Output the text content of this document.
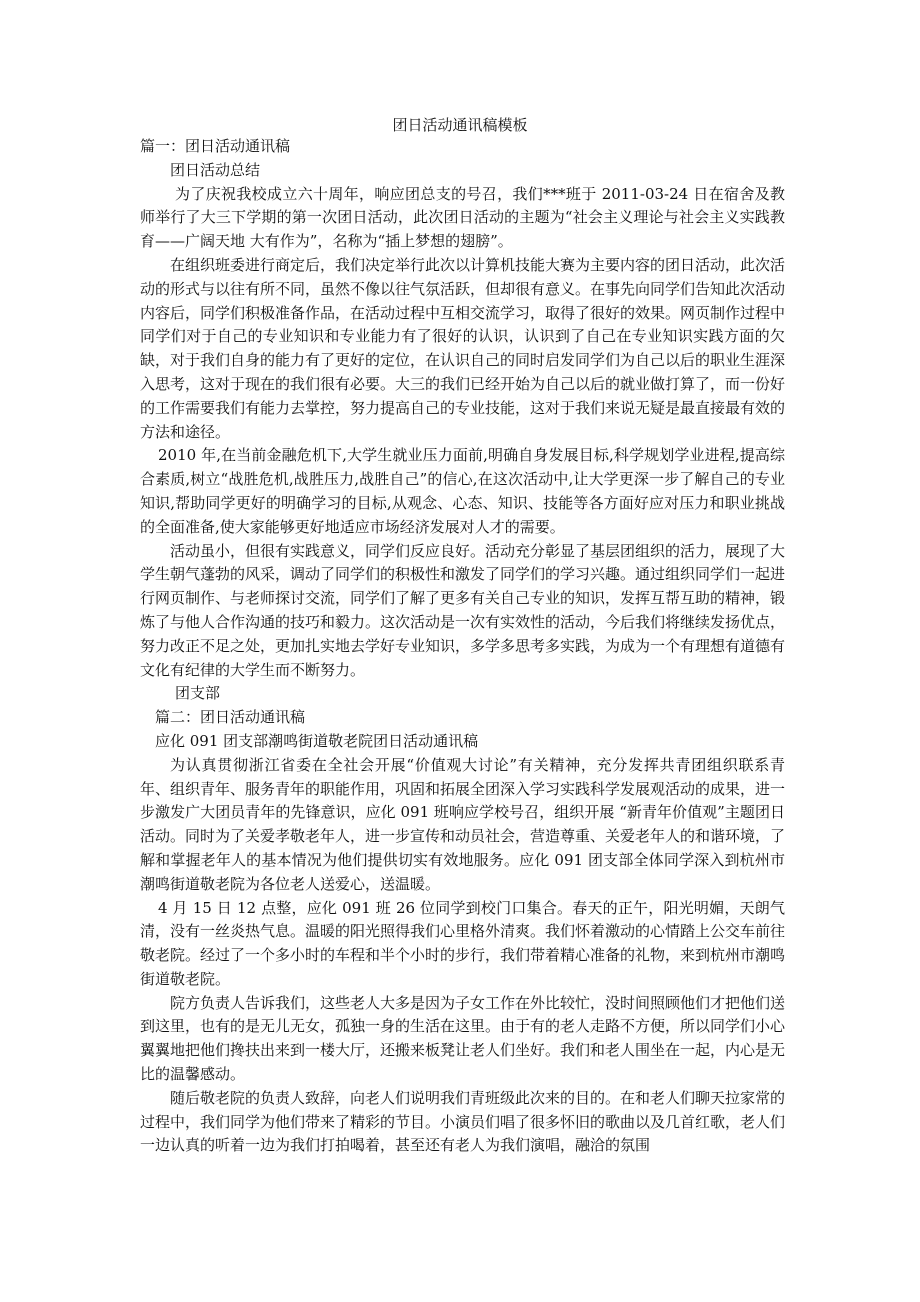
团日活动通讯稿模板

篇一：团日活动通讯稿

团日活动总结

为了庆祝我校成立六十周年，响应团总支的号召，我们***班于 2011-03-24 日在宿舍及教师举行了大三下学期的第一次团日活动，此次团日活动的主题为“社会主义理论与社会主义实践教育——广阔天地 大有作为”，名称为“插上梦想的翅膀”。

在组织班委进行商定后，我们决定举行此次以计算机技能大赛为主要内容的团日活动，此次活动的形式与以往有所不同，虽然不像以往气氛活跃，但却很有意义。在事先向同学们告知此次活动内容后，同学们积极准备作品，在活动过程中互相交流学习，取得了很好的效果。网页制作过程中同学们对于自己的专业知识和专业能力有了很好的认识，认识到了自己在专业知识实践方面的欠缺，对于我们自身的能力有了更好的定位，在认识自己的同时启发同学们为自己以后的职业生涯深入思考，这对于现在的我们很有必要。大三的我们已经开始为自己以后的就业做打算了，而一份好的工作需要我们有能力去掌控，努力提高自己的专业技能，这对于我们来说无疑是最直接最有效的方法和途径。

2010 年,在当前金融危机下,大学生就业压力面前,明确自身发展目标,科学规划学业进程,提高综合素质,树立“战胜危机,战胜压力,战胜自己”的信心,在这次活动中,让大学更深一步了解自己的专业知识,帮助同学更好的明确学习的目标,从观念、心态、知识、技能等各方面好应对压力和职业挑战的全面准备,使大家能够更好地适应市场经济发展对人才的需要。

活动虽小，但很有实践意义，同学们反应良好。活动充分彰显了基层团组织的活力，展现了大学生朝气蓬勃的风采，调动了同学们的积极性和激发了同学们的学习兴趣。通过组织同学们一起进行网页制作、与老师探讨交流，同学们了解了更多有关自己专业的知识，发挥互帮互助的精神，锻炼了与他人合作沟通的技巧和毅力。这次活动是一次有实效性的活动，今后我们将继续发扬优点，努力改正不足之处，更加扎实地去学好专业知识，多学多思考多实践，为成为一个有理想有道德有文化有纪律的大学生而不断努力。

团支部

篇二：团日活动通讯稿

应化 091 团支部潮鸣街道敬老院团日活动通讯稿

为认真贯彻浙江省委在全社会开展“价值观大讨论”有关精神，充分发挥共青团组织联系青年、组织青年、服务青年的职能作用，巩固和拓展全团深入学习实践科学发展观活动的成果，进一步激发广大团员青年的先锋意识，应化 091 班响应学校号召，组织开展 “新青年价值观”主题团日活动。同时为了关爱孝敬老年人，进一步宣传和动员社会，营造尊重、关爱老年人的和谐环境，了解和掌握老年人的基本情况为他们提供切实有效地服务。应化 091 团支部全体同学深入到杭州市潮鸣街道敬老院为各位老人送爱心，送温暖。

4 月 15 日 12 点整，应化 091 班 26 位同学到校门口集合。春天的正午，阳光明媚，天朗气清，没有一丝炎热气息。温暖的阳光照得我们心里格外清爽。我们怀着激动的心情踏上公交车前往敬老院。经过了一个多小时的车程和半个小时的步行，我们带着精心准备的礼物，来到杭州市潮鸣街道敬老院。

院方负责人告诉我们，这些老人大多是因为子女工作在外比较忙，没时间照顾他们才把他们送到这里，也有的是无儿无女，孤独一身的生活在这里。由于有的老人走路不方便，所以同学们小心翼翼地把他们搀扶出来到一楼大厅，还搬来板凳让老人们坐好。我们和老人围坐在一起，内心是无比的温馨感动。

随后敬老院的负责人致辞，向老人们说明我们青班级此次来的目的。在和老人们聊天拉家常的过程中，我们同学为他们带来了精彩的节目。小演员们唱了很多怀旧的歌曲以及几首红歌，老人们一边认真的听着一边为我们打拍喝着，甚至还有老人为我们演唱，融洽的氛围
